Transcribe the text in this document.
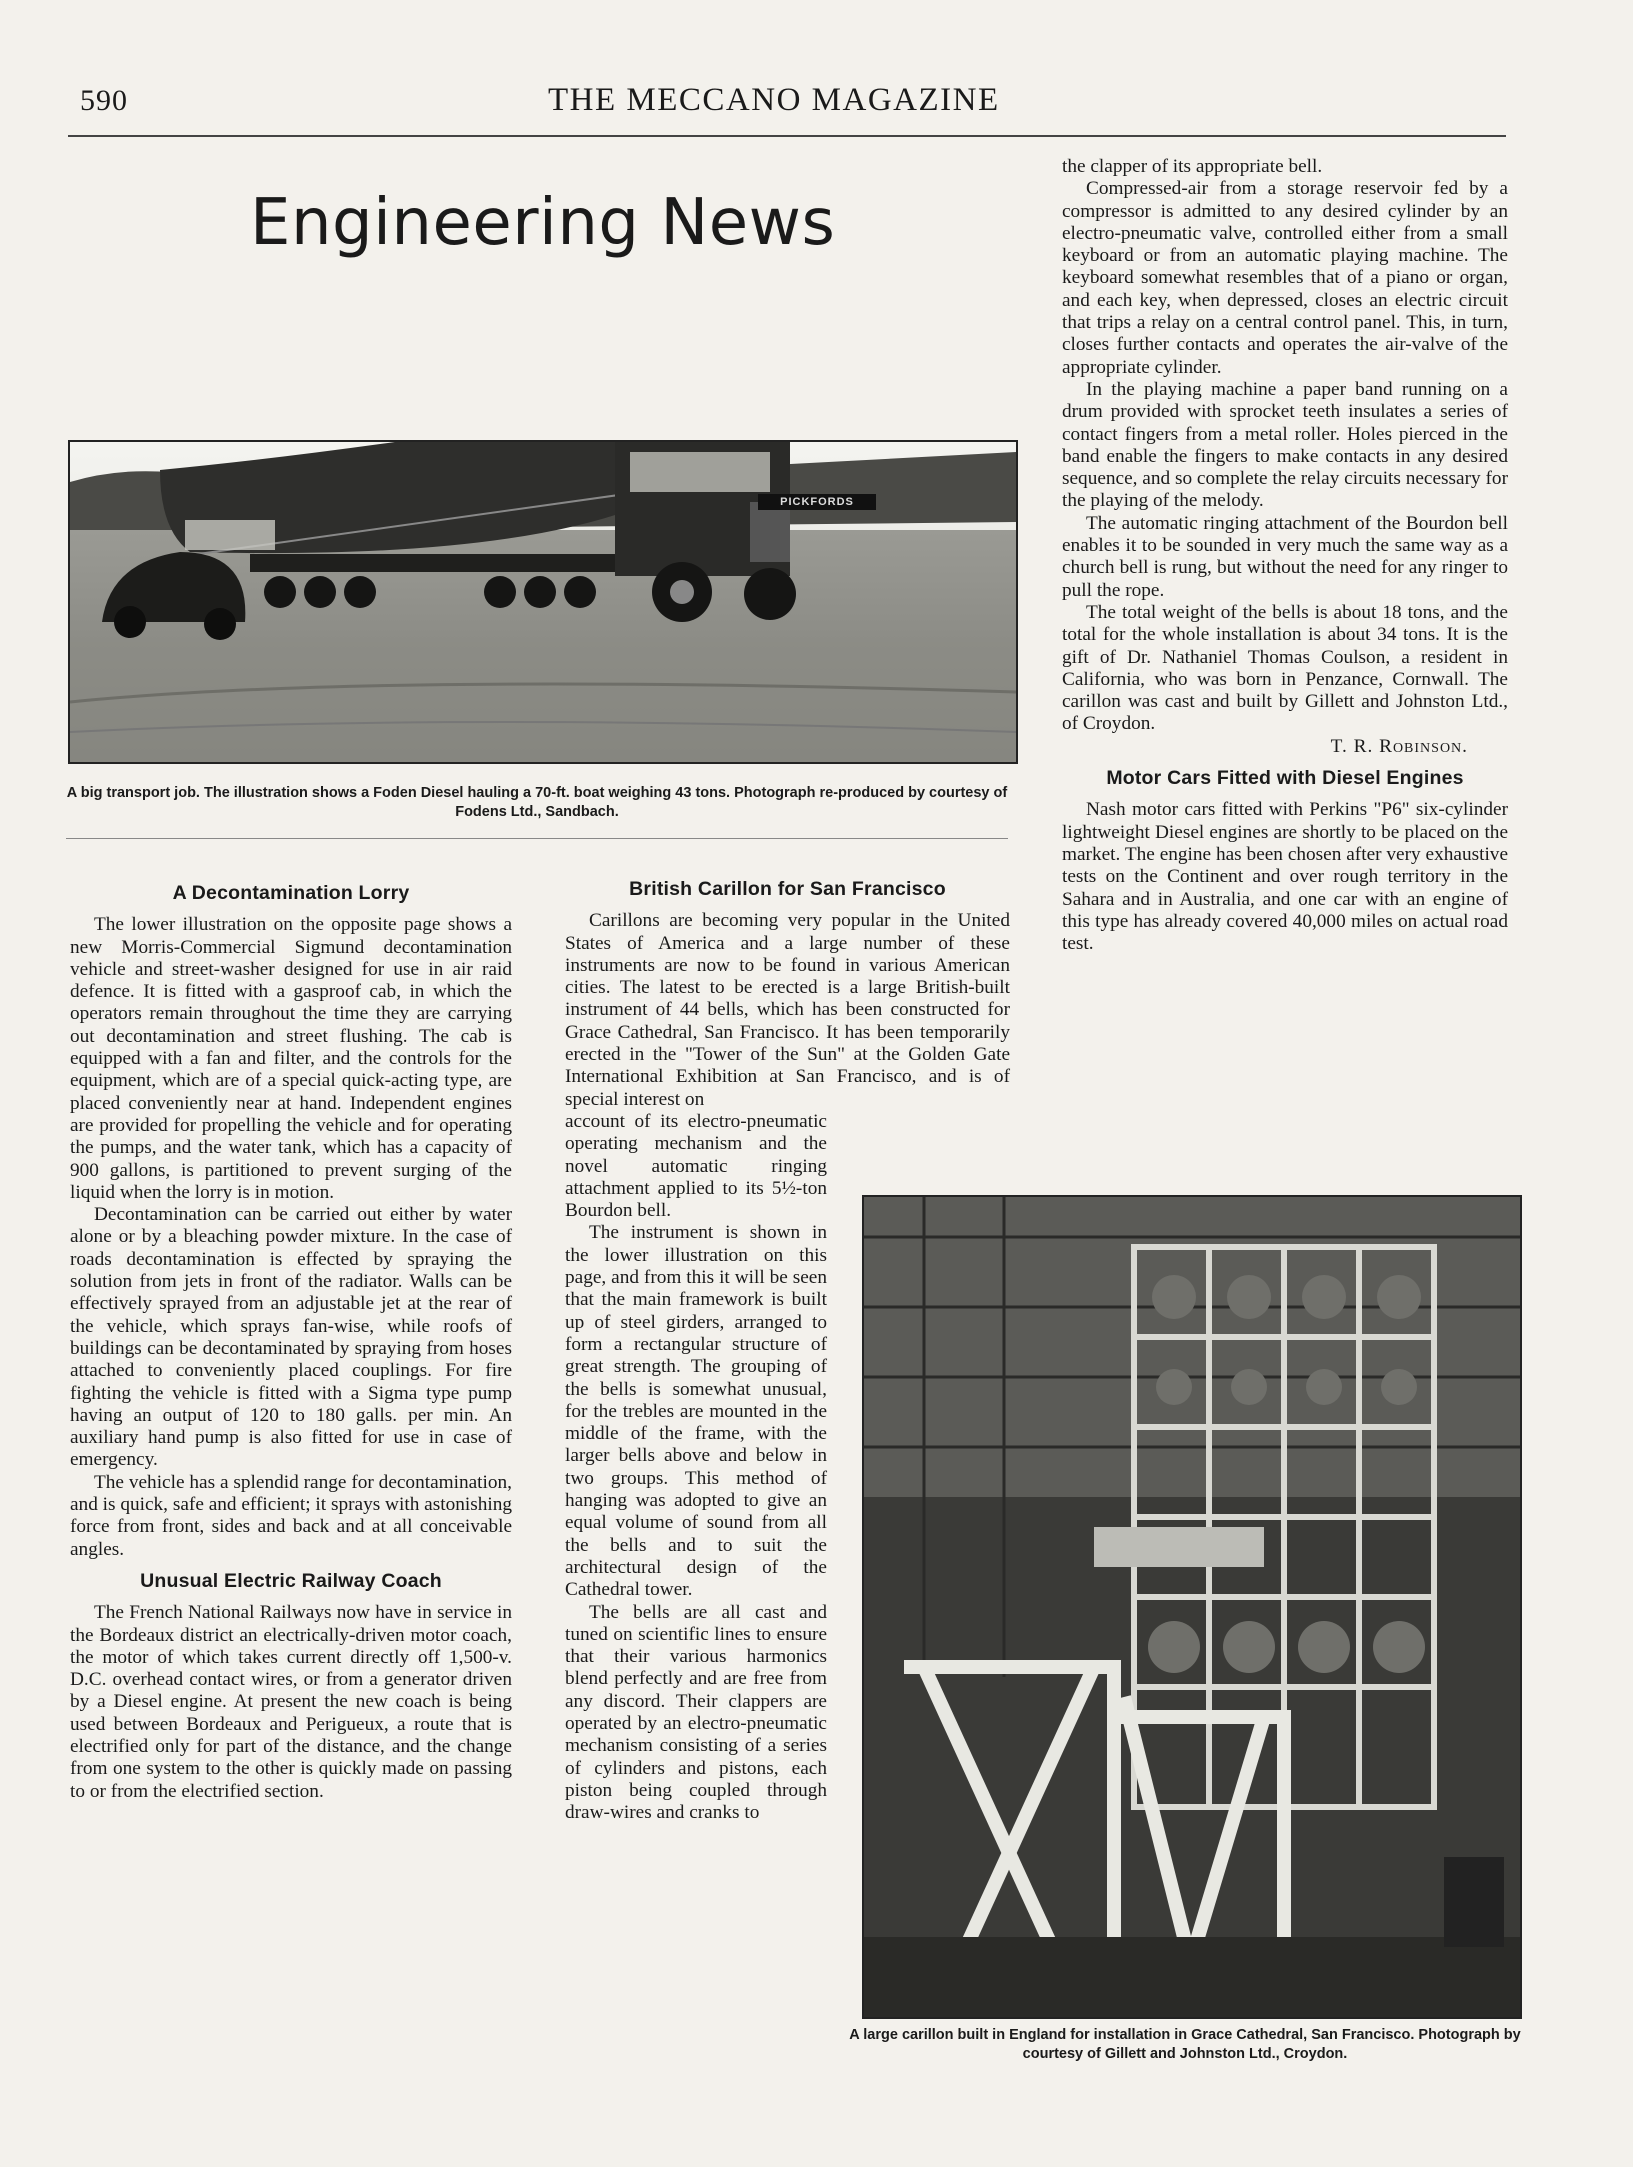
590	THE MECCANO MAGAZINE
Engineering News
PICKFORDS
A big transport job. The illustration shows a Foden Diesel hauling a 70-ft. boat weighing 43 tons. Photograph re-produced by courtesy of Fodens Ltd., Sandbach.
A large carillon built in England for installation in Grace Cathedral, San Francisco. Photograph by courtesy of Gillett and Johnston Ltd., Croydon.
A Decontamination Lorry

The lower illustration on the opposite page shows a new Morris-Commercial Sigmund decontamination vehicle and street-washer designed for use in air raid defence. It is fitted with a gasproof cab, in which the operators remain throughout the time they are carrying out decontamination and street flushing. The cab is equipped with a fan and filter, and the controls for the equipment, which are of a special quick-acting type, are placed conveniently near at hand. Independent engines are provided for propelling the vehicle and for operating the pumps, and the water tank, which has a capacity of 900 gallons, is partitioned to prevent surging of the liquid when the lorry is in motion.

Decontamination can be carried out either by water alone or by a bleaching powder mixture. In the case of roads decontamination is effected by spraying the solution from jets in front of the radiator. Walls can be effectively sprayed from an adjustable jet at the rear of the vehicle, which sprays fan-wise, while roofs of buildings can be decontaminated by spraying from hoses attached to conveniently placed couplings. For fire fighting the vehicle is fitted with a Sigma type pump having an output of 120 to 180 galls. per min. An auxiliary hand pump is also fitted for use in case of emergency.

The vehicle has a splendid range for decontamination, and is quick, safe and efficient; it sprays with astonishing force from front, sides and back and at all conceivable angles.

Unusual Electric Railway Coach

The French National Railways now have in service in the Bordeaux district an electrically-driven motor coach, the motor of which takes current directly off 1,500-v. D.C. overhead contact wires, or from a generator driven by a Diesel engine. At present the new coach is being used between Bordeaux and Perigueux, a route that is electrified only for part of the distance, and the change from one system to the other is quickly made on passing to or from the electrified section.

British Carillon for San Francisco

Carillons are becoming very popular in the United States of America and a large number of these instruments are now to be found in various American cities. The latest to be erected is a large British-built instrument of 44 bells, which has been constructed for Grace Cathedral, San Francisco. It has been temporarily erected in the "Tower of the Sun" at the Golden Gate International Exhibition at San Francisco, and is of special interest on

account of its electro-pneumatic operating mechanism and the novel automatic ringing attachment applied to its 5½-ton Bourdon bell.

The instrument is shown in the lower illustration on this page, and from this it will be seen that the main framework is built up of steel girders, arranged to form a rectangular structure of great strength. The grouping of the bells is somewhat unusual, for the trebles are mounted in the middle of the frame, with the larger bells above and below in two groups. This method of hanging was adopted to give an equal volume of sound from all the bells and to suit the architectural design of the Cathedral tower.

The bells are all cast and tuned on scientific lines to ensure that their various harmonics blend perfectly and are free from any discord. Their clappers are operated by an electro-pneumatic mechanism consisting of a series of cylinders and pistons, each piston being coupled through draw-wires and cranks to

the clapper of its appropriate bell.

Compressed-air from a storage reservoir fed by a compressor is admitted to any desired cylinder by an electro-pneumatic valve, controlled either from a small keyboard or from an automatic playing machine. The keyboard somewhat resembles that of a piano or organ, and each key, when depressed, closes an electric circuit that trips a relay on a central control panel. This, in turn, closes further contacts and operates the air-valve of the appropriate cylinder.

In the playing machine a paper band running on a drum provided with sprocket teeth insulates a series of contact fingers from a metal roller. Holes pierced in the band enable the fingers to make contacts in any desired sequence, and so complete the relay circuits necessary for the playing of the melody.

The automatic ringing attachment of the Bourdon bell enables it to be sounded in very much the same way as a church bell is rung, but without the need for any ringer to pull the rope.

The total weight of the bells is about 18 tons, and the total for the whole installation is about 34 tons. It is the gift of Dr. Nathaniel Thomas Coulson, a resident in California, who was born in Penzance, Cornwall. The carillon was cast and built by Gillett and Johnston Ltd., of Croydon.

T. R. Robinson.
Motor Cars Fitted with Diesel Engines

Nash motor cars fitted with Perkins "P6" six-cylinder lightweight Diesel engines are shortly to be placed on the market. The engine has been chosen after very exhaustive tests on the Continent and over rough territory in the Sahara and in Australia, and one car with an engine of this type has already covered 40,000 miles on actual road test.
